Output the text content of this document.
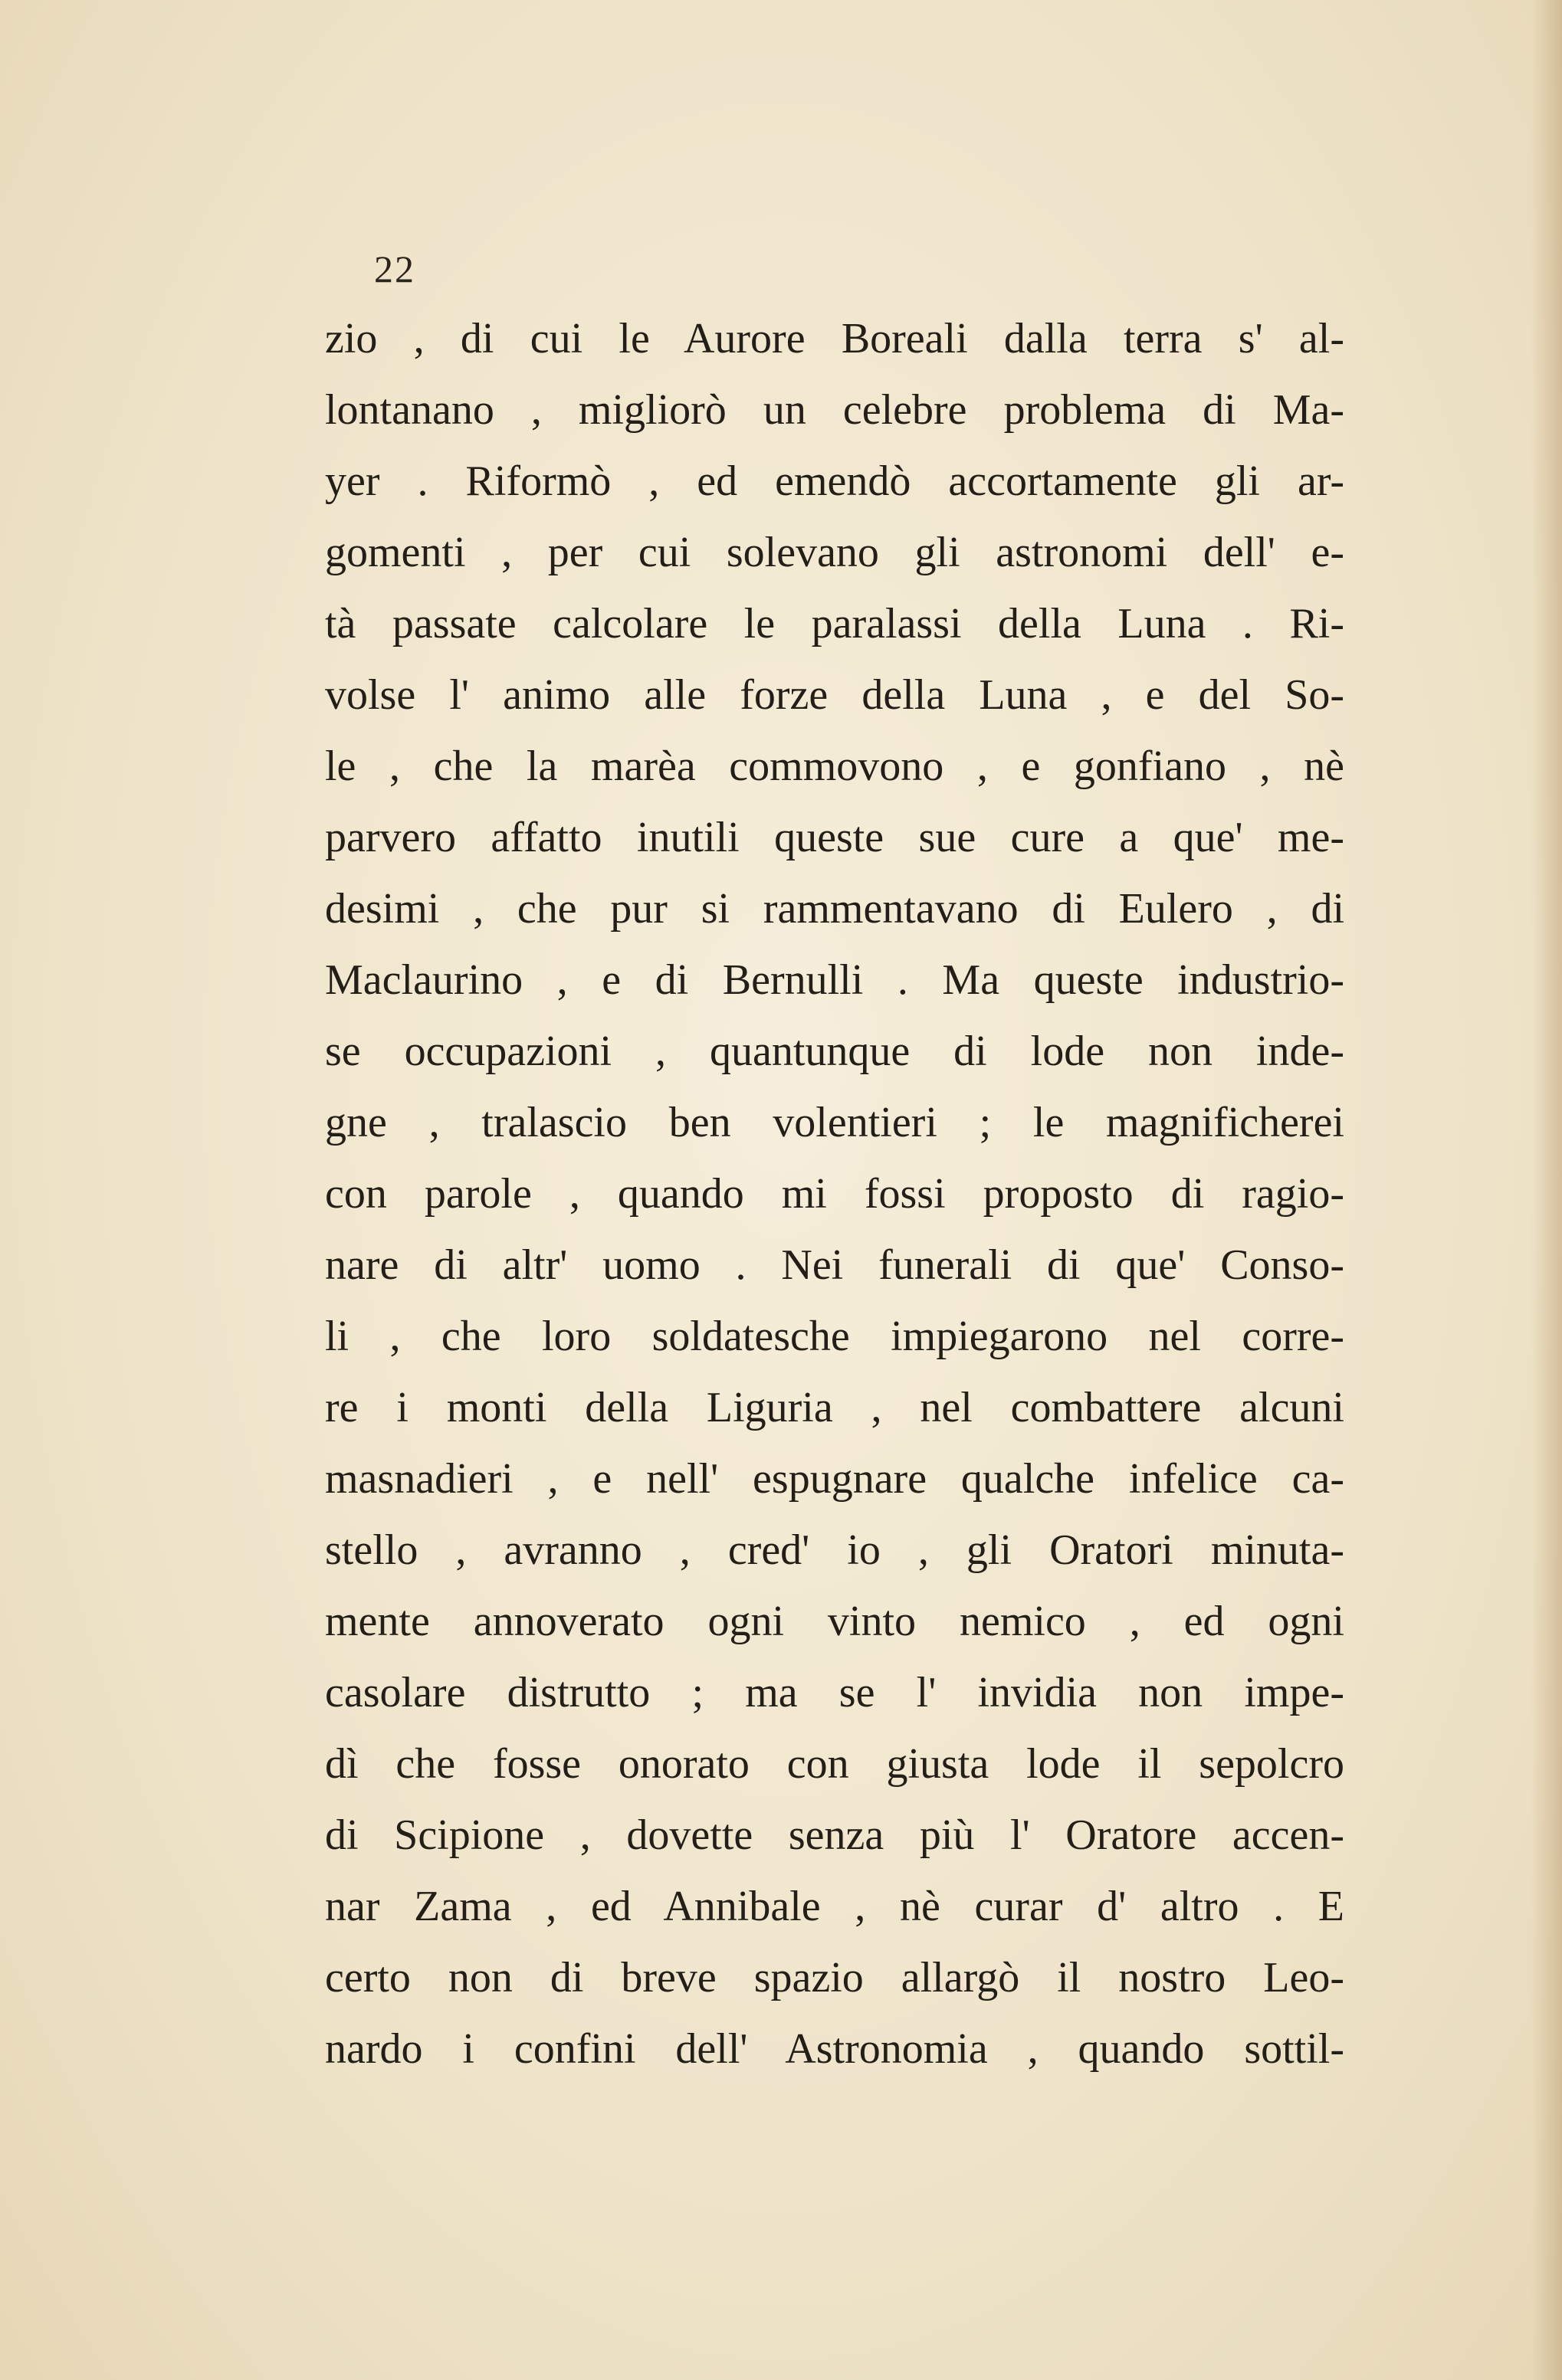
22
zio , di cui le Aurore Boreali dalla terra s' al-
lontanano , migliorò un celebre problema di Ma-
yer . Riformò , ed emendò accortamente gli ar-
gomenti , per cui solevano gli astronomi dell' e-
tà passate calcolare le paralassi della Luna . Ri-
volse l' animo alle forze della Luna , e del So-
le , che la marèa commovono , e gonfiano , nè
parvero affatto inutili queste sue cure a que' me-
desimi , che pur si rammentavano di Eulero , di
Maclaurino , e di Bernulli . Ma queste industrio-
se occupazioni , quantunque di lode non inde-
gne , tralascio ben volentieri ; le magnificherei
con parole , quando mi fossi proposto di ragio-
nare di altr' uomo . Nei funerali di que' Conso-
li , che loro soldatesche impiegarono nel corre-
re i monti della Liguria , nel combattere alcuni
masnadieri , e nell' espugnare qualche infelice ca-
stello , avranno , cred' io , gli Oratori minuta-
mente annoverato ogni vinto nemico , ed ogni
casolare distrutto ; ma se l' invidia non impe-
dì che fosse onorato con giusta lode il sepolcro
di Scipione , dovette senza più l' Oratore accen-
nar Zama , ed Annibale , nè curar d' altro . E
certo non di breve spazio allargò il nostro Leo-
nardo i confini dell' Astronomia , quando sottil-
